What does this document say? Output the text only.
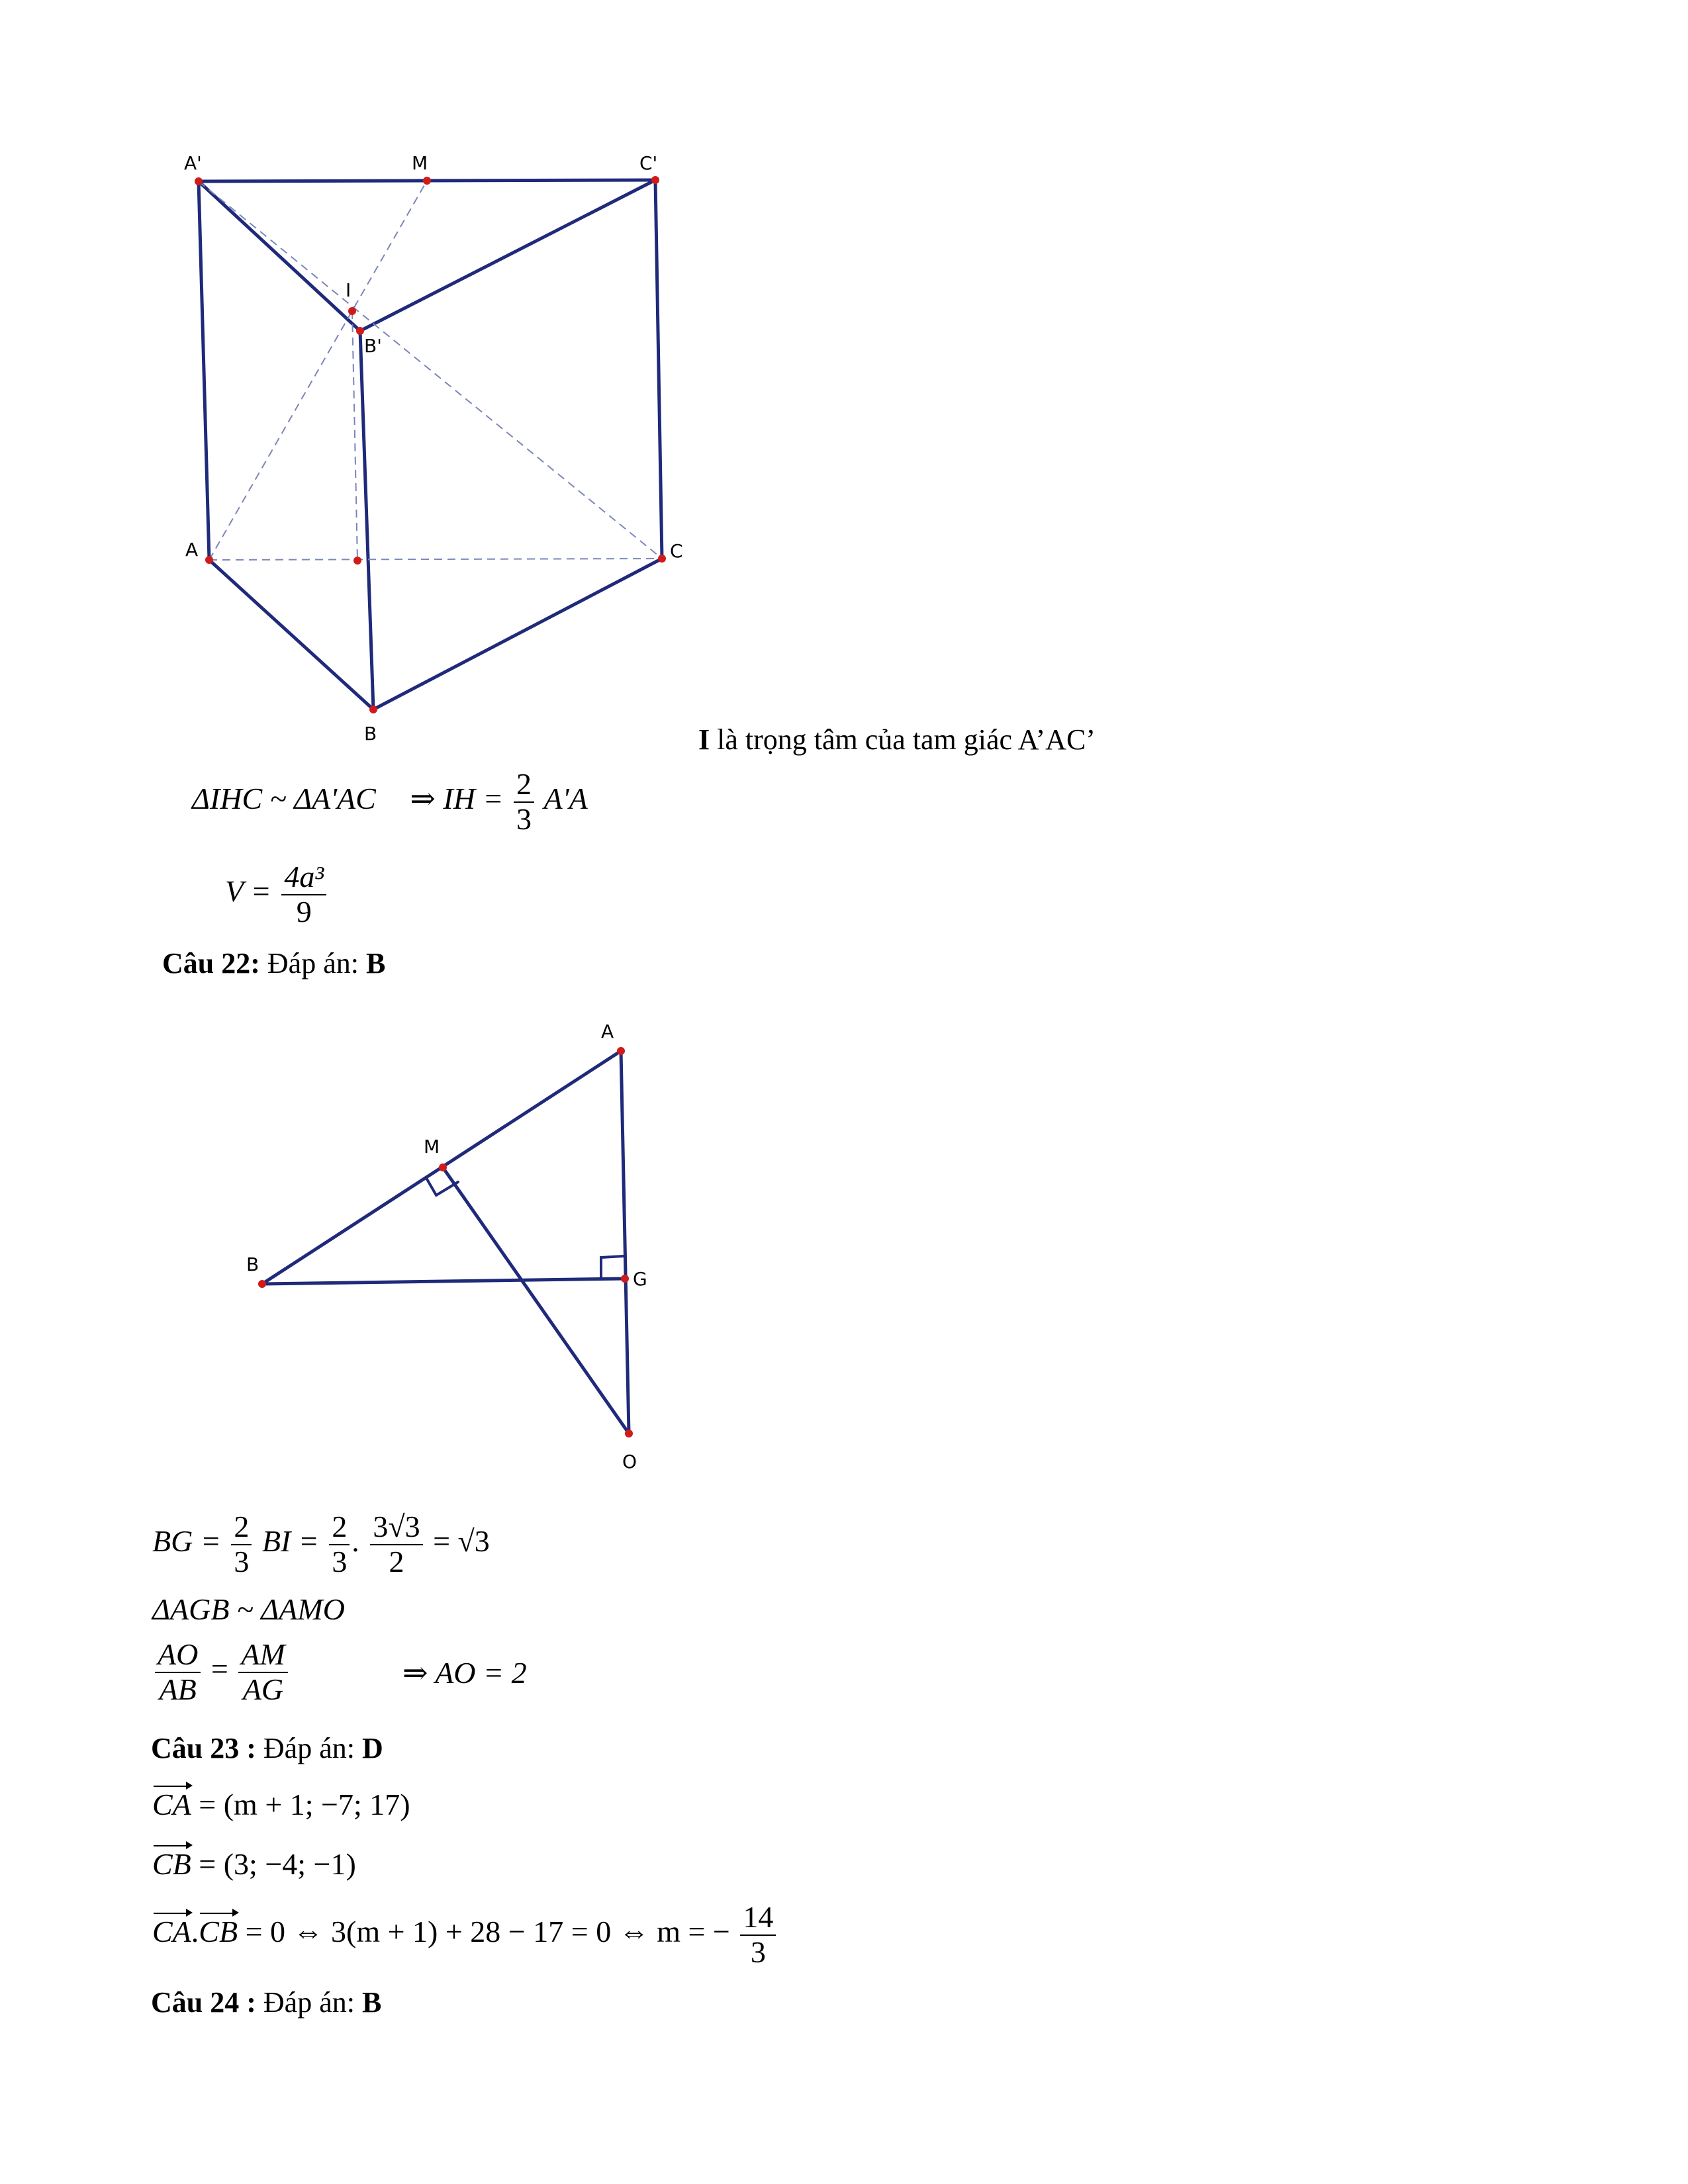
A'	M	C'
I
B'
A	C
B	I là trọng tâm của tam giác A’AC’
ΔIHC ~ ΔA'AC ⇒ IH = $\frac{2}{3} A'A$
$V = \frac{\text{4a³}}{9}$
Câu 22: Đáp án: B
A
M
B
G
O
BG = $\frac{2}{3}$ BI = $\frac{2}{3}$ . $\frac{3√3}{2} = √3$
ΔAGB ~ ΔAMO
$\frac{AO}{AB} = \frac{AM}{AG}$	⇒ AO = 2
Câu 23 : Đáp án: D
CA = (m + 1; −7; 17)
CB = (3; −4; −1)
CA.CB = 0 ⇔ 3(m + 1) + 28 − 17 = 0 ⇔ m = − $\frac{14}{3}$
Câu 24 : Đáp án: B
